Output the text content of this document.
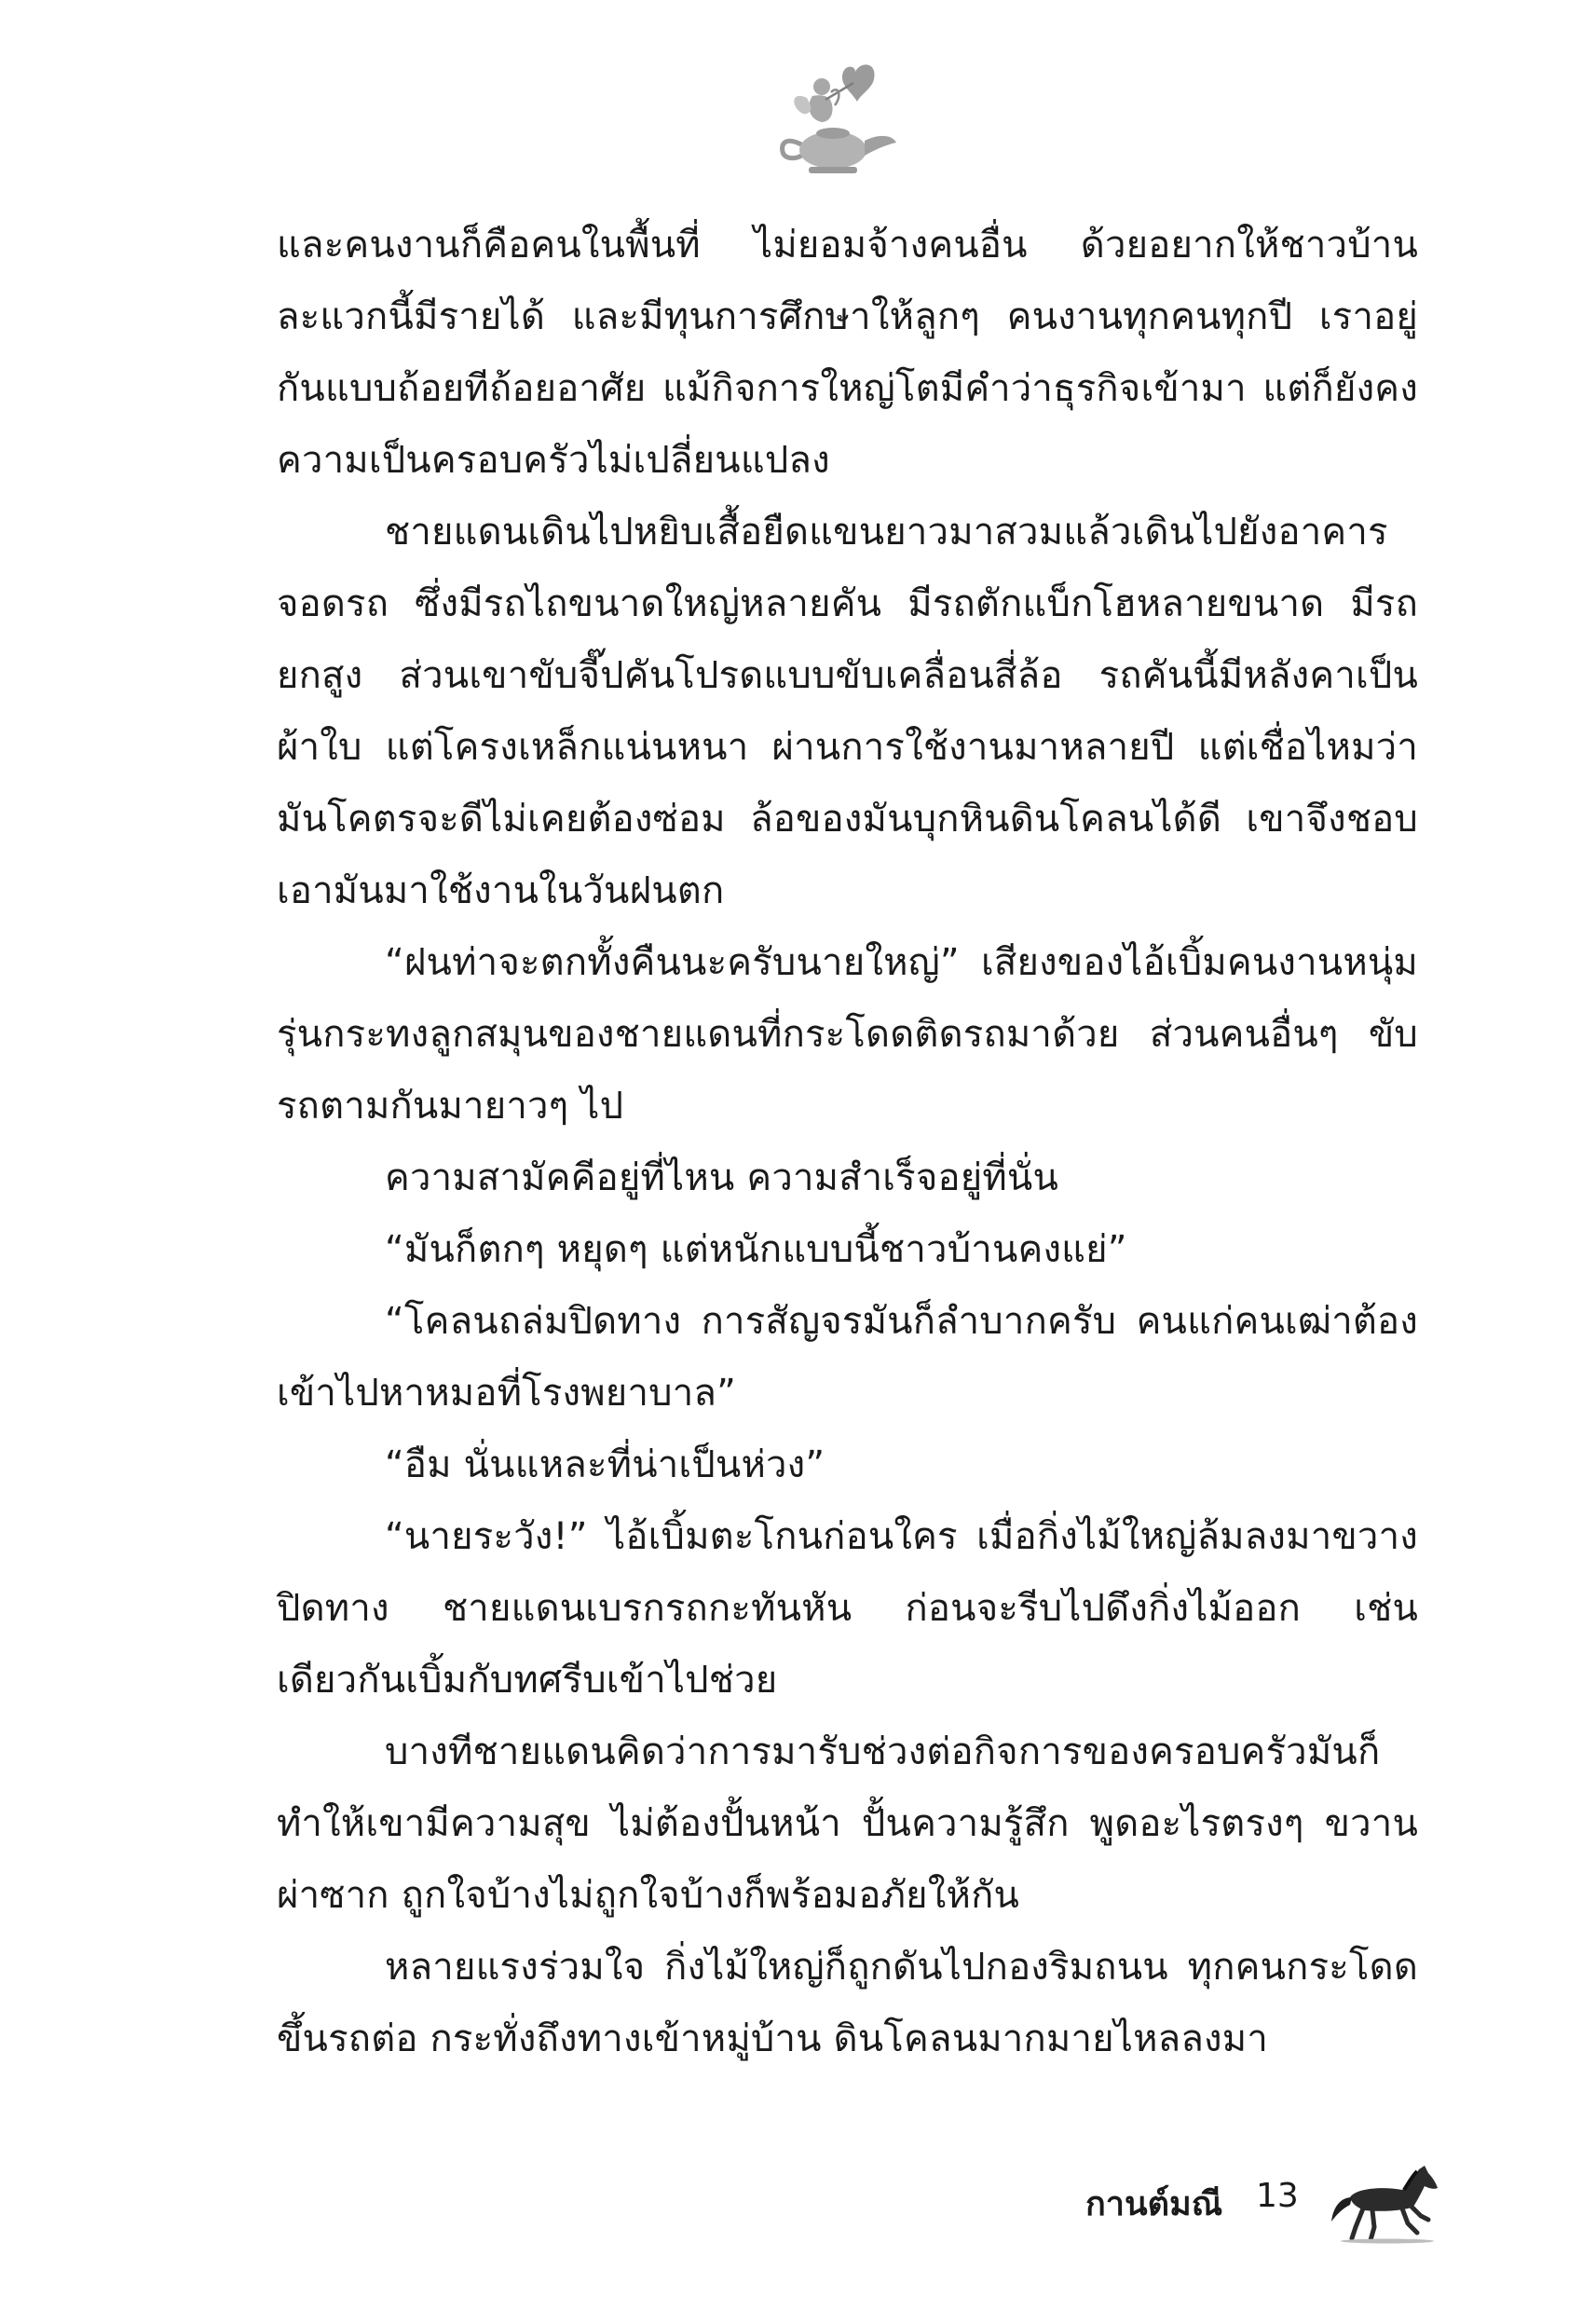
และคนงานก็คือคนในพื้นที่ ไม่ยอมจ้างคนอื่น ด้วยอยากให้ชาวบ้านละแวกนี้มีรายได้ และมีทุนการศึกษาให้ลูกๆ คนงานทุกคนทุกปี เราอยู่กันแบบถ้อยทีถ้อยอาศัย แม้กิจการใหญ่โตมีคำว่าธุรกิจเข้ามา แต่ก็ยังคงความเป็นครอบครัวไม่เปลี่ยนแปลง

ชายแดนเดินไปหยิบเสื้อยืดแขนยาวมาสวมแล้วเดินไปยังอาคารจอดรถ ซึ่งมีรถไถขนาดใหญ่หลายคัน มีรถตักแบ็กโฮหลายขนาด มีรถยกสูง ส่วนเขาขับจี๊ปคันโปรดแบบขับเคลื่อนสี่ล้อ รถคันนี้มีหลังคาเป็นผ้าใบ แต่โครงเหล็กแน่นหนา ผ่านการใช้งานมาหลายปี แต่เชื่อไหมว่ามันโคตรจะดีไม่เคยต้องซ่อม ล้อของมันบุกหินดินโคลนได้ดี เขาจึงชอบเอามันมาใช้งานในวันฝนตก

“ฝนท่าจะตกทั้งคืนนะครับนายใหญ่” เสียงของไอ้เบิ้มคนงานหนุ่มรุ่นกระทงลูกสมุนของชายแดนที่กระโดดติดรถมาด้วย ส่วนคนอื่นๆ ขับรถตามกันมายาวๆ ไป

ความสามัคคีอยู่ที่ไหน ความสำเร็จอยู่ที่นั่น

“มันก็ตกๆ หยุดๆ แต่หนักแบบนี้ชาวบ้านคงแย่”

“โคลนถล่มปิดทาง การสัญจรมันก็ลำบากครับ คนแก่คนเฒ่าต้องเข้าไปหาหมอที่โรงพยาบาล”

“อืม นั่นแหละที่น่าเป็นห่วง”

“นายระวัง!” ไอ้เบิ้มตะโกนก่อนใคร เมื่อกิ่งไม้ใหญ่ล้มลงมาขวางปิดทาง ชายแดนเบรกรถกะทันหัน ก่อนจะรีบไปดึงกิ่งไม้ออก เช่นเดียวกันเบิ้มกับทศรีบเข้าไปช่วย

บางทีชายแดนคิดว่าการมารับช่วงต่อกิจการของครอบครัวมันก็ทำให้เขามีความสุข ไม่ต้องปั้นหน้า ปั้นความรู้สึก พูดอะไรตรงๆ ขวานผ่าซาก ถูกใจบ้างไม่ถูกใจบ้างก็พร้อมอภัยให้กัน

หลายแรงร่วมใจ กิ่งไม้ใหญ่ก็ถูกดันไปกองริมถนน ทุกคนกระโดดขึ้นรถต่อ กระทั่งถึงทางเข้าหมู่บ้าน ดินโคลนมากมายไหลลงมา

กานต์มณี 13
